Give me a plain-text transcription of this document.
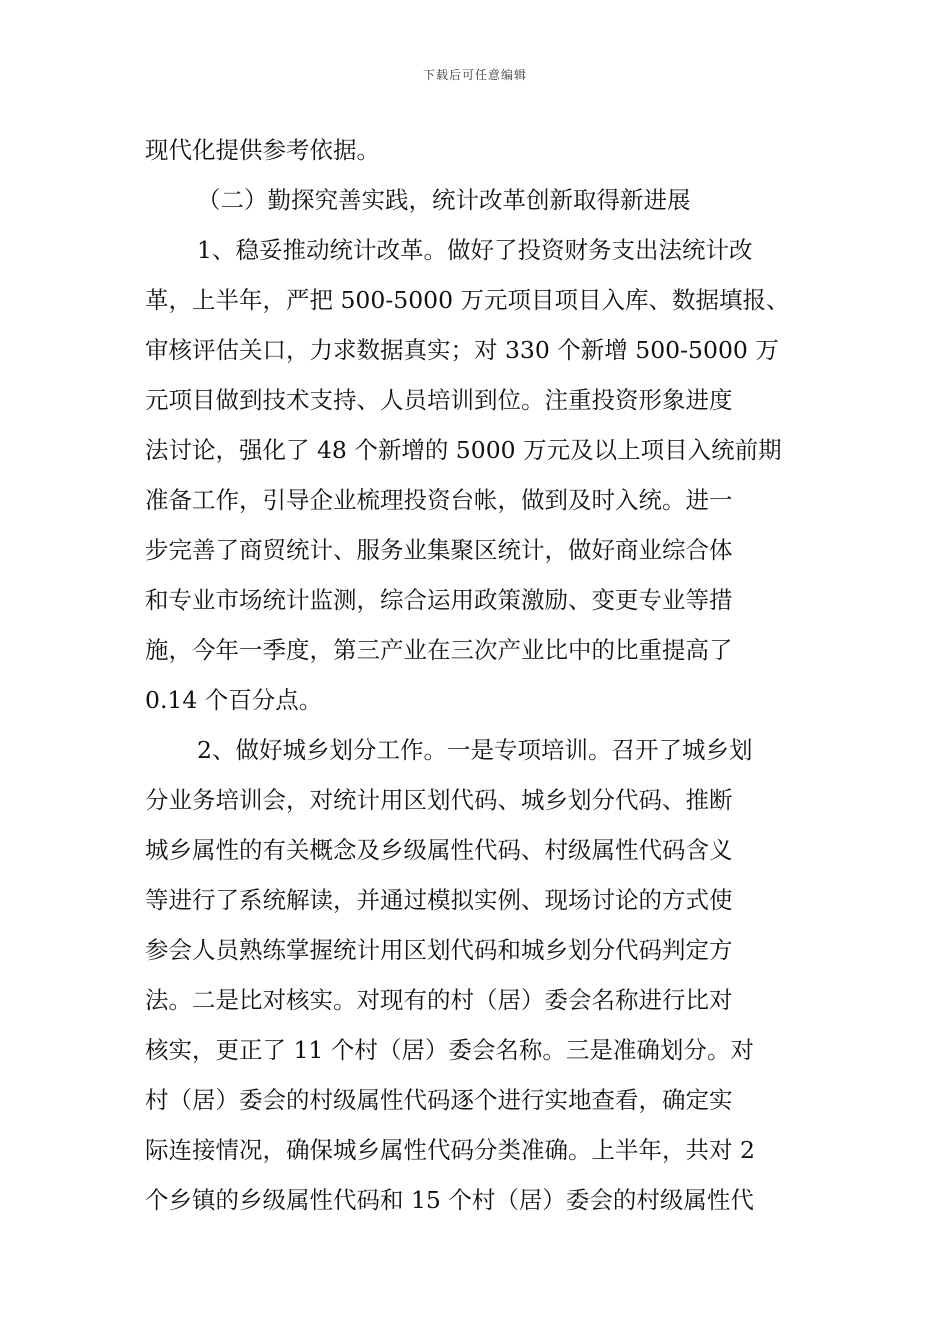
下载后可任意编辑
现代化提供参考依据。
（二）勤探究善实践，统计改革创新取得新进展
1、稳妥推动统计改革。做好了投资财务支出法统计改
革，上半年，严把 500-5000 万元项目项目入库、数据填报、
审核评估关口，力求数据真实；对 330 个新增 500-5000 万
元项目做到技术支持、人员培训到位。注重投资形象进度
法讨论，强化了 48 个新增的 5000 万元及以上项目入统前期
准备工作，引导企业梳理投资台帐，做到及时入统。进一
步完善了商贸统计、服务业集聚区统计，做好商业综合体
和专业市场统计监测，综合运用政策激励、变更专业等措
施，今年一季度，第三产业在三次产业比中的比重提高了
0.14 个百分点。
2、做好城乡划分工作。一是专项培训。召开了城乡划
分业务培训会，对统计用区划代码、城乡划分代码、推断
城乡属性的有关概念及乡级属性代码、村级属性代码含义
等进行了系统解读，并通过模拟实例、现场讨论的方式使
参会人员熟练掌握统计用区划代码和城乡划分代码判定方
法。二是比对核实。对现有的村（居）委会名称进行比对
核实，更正了 11 个村（居）委会名称。三是准确划分。对
村（居）委会的村级属性代码逐个进行实地查看，确定实
际连接情况，确保城乡属性代码分类准确。上半年，共对 2
个乡镇的乡级属性代码和 15 个村（居）委会的村级属性代
